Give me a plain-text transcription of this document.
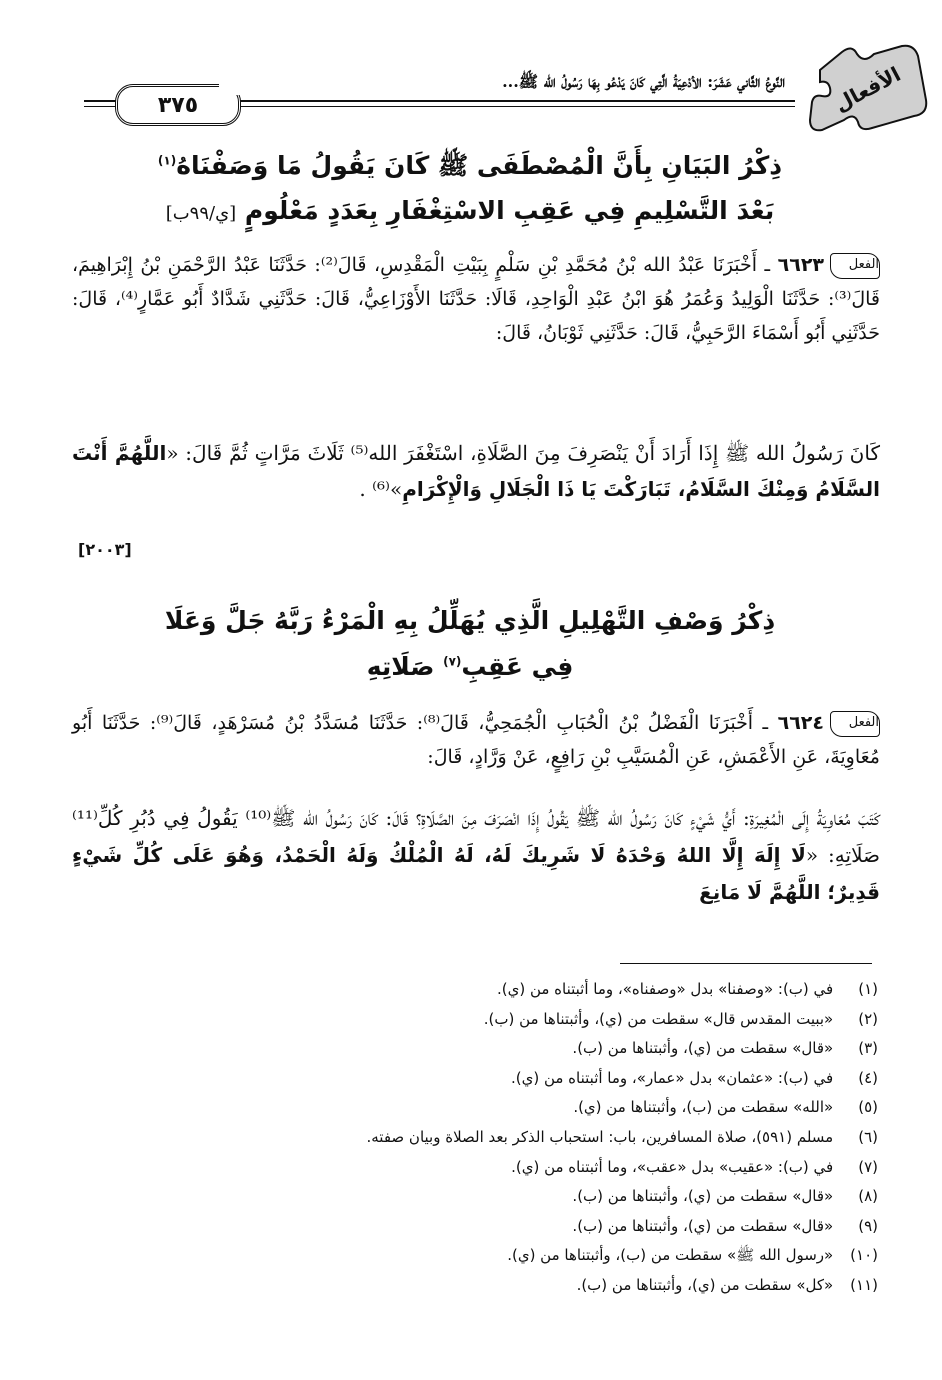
٣٧٥
النَّوعُ الثَّاني عَشَرَ: الأدْعِيَةُ الَّتِي كَانَ يَدْعُو بِهَا رَسُولُ الله ﷺ... الأفعال
ذِكْرُ البَيَانِ بِأَنَّ الْمُصْطَفَى ﷺ كَانَ يَقُولُ مَا وَصَفْنَاهُ$^{(١)}$
بَعْدَ التَّسْلِيمِ فِي عَقِبِ الاسْتِغْفَارِ بِعَدَدٍ مَعْلُومٍ [ي/٩٩ب]
الفعل٦٦٢٣ ـ أَخْبَرَنَا عَبْدُ الله بْنُ مُحَمَّدِ بْنِ سَلْمٍ بِبَيْتِ الْمَقْدِسِ، قَالَ⁽²⁾: حَدَّثَنَا عَبْدُ الرَّحْمَنِ بْنُ إِبْرَاهِيمَ، قَالَ⁽³⁾: حَدَّثَنَا الْوَلِيدُ وَعُمَرُ هُوَ ابْنُ عَبْدِ الْوَاحِدِ، قَالَا: حَدَّثَنَا الأَوْزَاعِيُّ، قَالَ: حَدَّثَنِي شَدَّادٌ أَبُو عَمَّارٍ⁽⁴⁾، قَالَ: حَدَّثَنِي أَبُو أَسْمَاءَ الرَّحَبِيُّ، قَالَ: حَدَّثَنِي ثَوْبَانُ، قَالَ:
كَانَ رَسُولُ الله ﷺ إِذَا أَرَادَ أَنْ يَنْصَرِفَ مِنَ الصَّلَاةِ، اسْتَغْفَرَ الله⁽⁵⁾ ثَلَاثَ مَرَّاتٍ ثُمَّ قَالَ: «اللَّهُمَّ أَنْتَ السَّلَامُ وَمِنْكَ السَّلَامُ، تَبَارَكْتَ يَا ذَا الْجَلَالِ وَالْإِكْرَامِ»⁽⁶⁾ .
[٢٠٠٣]
ذِكْرُ وَصْفِ التَّهْلِيلِ الَّذِي يُهَلِّلُ بِهِ الْمَرْءُ رَبَّهُ جَلَّ وَعَلَا
فِي عَقِبِ$^{(٧)}$ صَلَاتِهِ
الفعل٦٦٢٤ ـ أَخْبَرَنَا الْفَضْلُ بْنُ الْحُبَابِ الْجُمَحِيُّ، قَالَ⁽⁸⁾: حَدَّثَنَا مُسَدَّدُ بْنُ مُسَرْهَدٍ، قَالَ⁽⁹⁾: حَدَّثَنَا أَبُو مُعَاوِيَةَ، عَنِ الأَعْمَشِ، عَنِ الْمُسَيَّبِ بْنِ رَافِعٍ، عَنْ وَرَّادٍ، قَالَ:
كَتَبَ مُعَاوِيَةُ إِلَى الْمُغِيرَةِ: أَيُّ شَيْءٍ كَانَ رَسُولُ الله ﷺ يَقُولُ إِذَا انْصَرَفَ مِنَ الصَّلَاةِ؟ قَالَ: كَانَ رَسُولُ الله ﷺ⁽¹⁰⁾ يَقُولُ فِي دُبُرِ كُلِّ⁽¹¹⁾ صَلَاتِهِ: «لَا إِلَهَ إِلَّا اللهُ وَحْدَهُ لَا شَرِيكَ لَهُ، لَهُ الْمُلْكُ وَلَهُ الْحَمْدُ، وَهُوَ عَلَى كُلِّ شَيْءٍ قَدِيرٌ؛ اللَّهُمَّ لَا مَانِعَ
(١) في (ب): «وصفنا» بدل «وصفناه»، وما أثبتناه من (ي).
(٢) «ببيت المقدس قال» سقطت من (ي)، وأثبتناها من (ب).
(٣) «قال» سقطت من (ي)، وأثبتناها من (ب).
(٤) في (ب): «عثمان» بدل «عمار»، وما أثبتناه من (ي).
(٥) «الله» سقطت من (ب)، وأثبتناها من (ي).
(٦) مسلم (٥٩١)، صلاة المسافرين، باب: استحباب الذكر بعد الصلاة وبيان صفته.
(٧) في (ب): «عقيب» بدل «عقب»، وما أثبتناه من (ي).
(٨) «قال» سقطت من (ي)، وأثبتناها من (ب).
(٩) «قال» سقطت من (ي)، وأثبتناها من (ب).
(١٠) «رسول الله ﷺ» سقطت من (ب)، وأثبتناها من (ي).
(١١) «كل» سقطت من (ي)، وأثبتناها من (ب).
